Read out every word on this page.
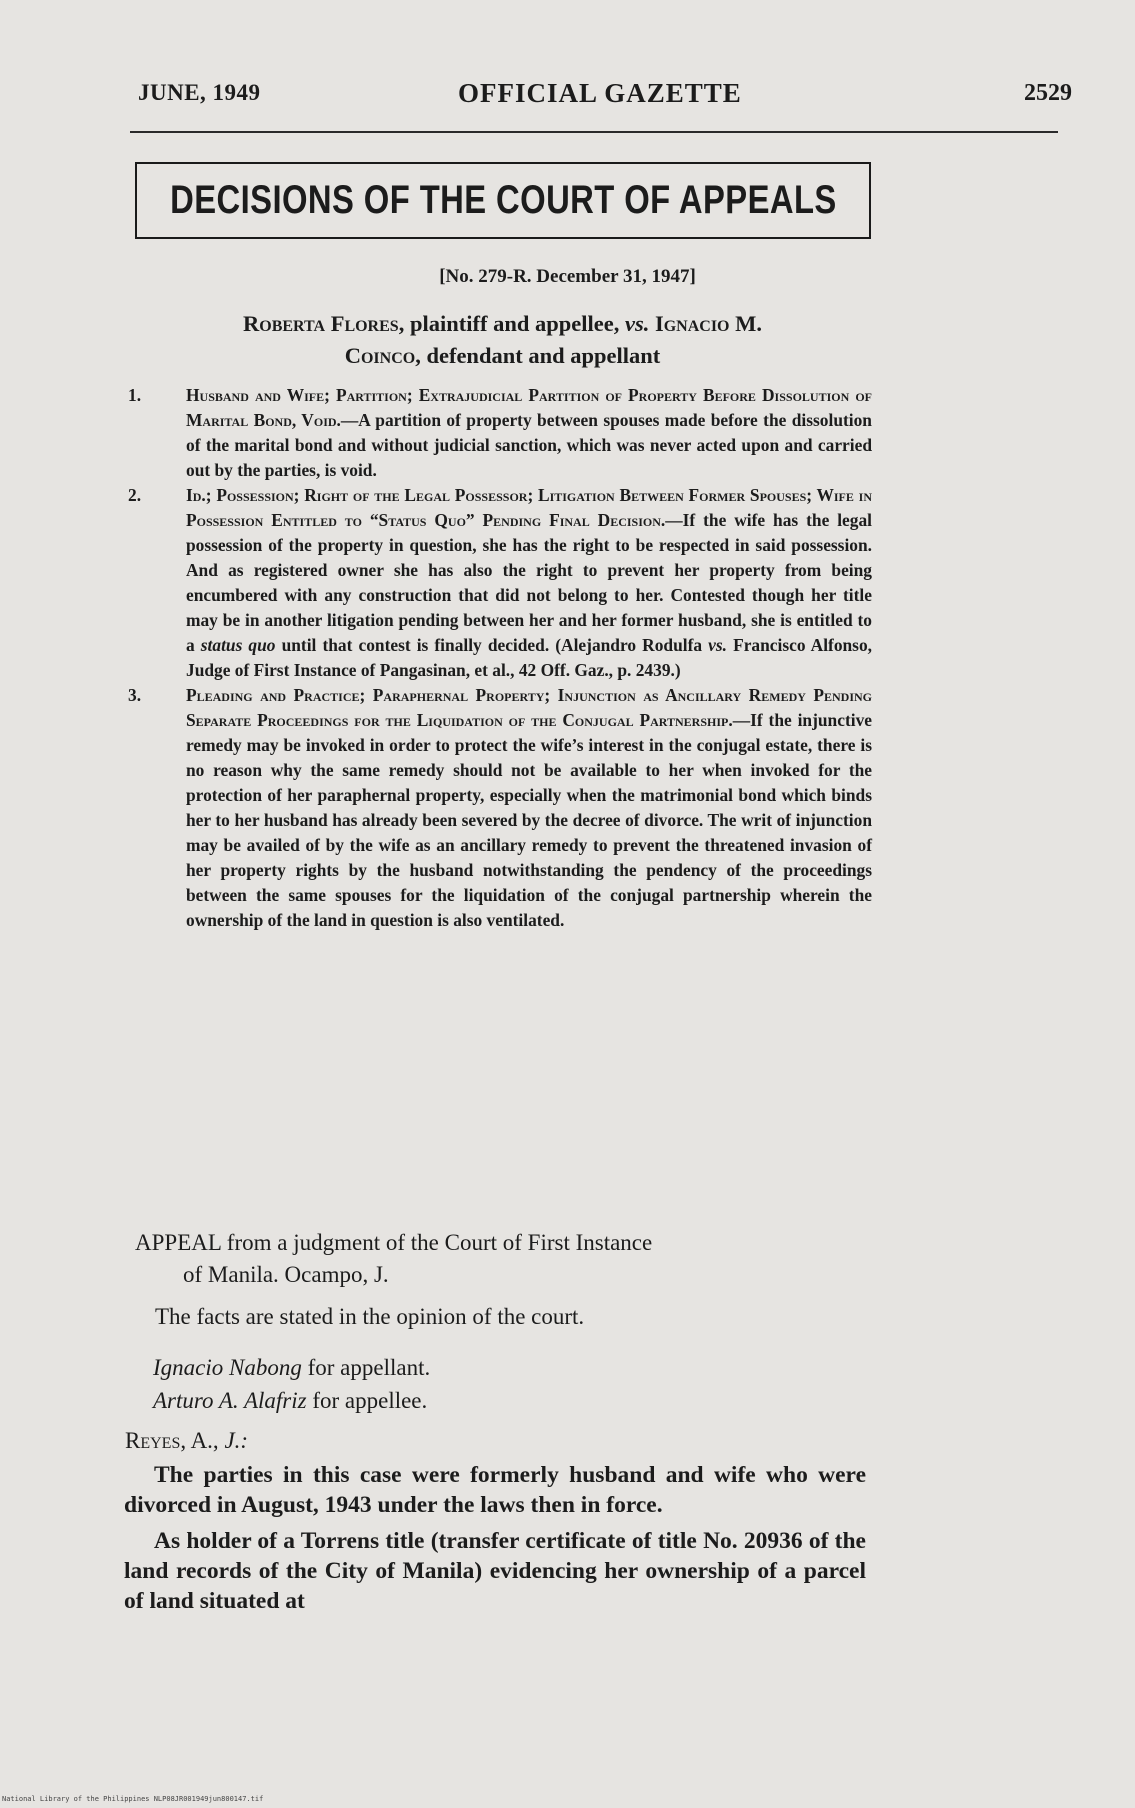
JUNE, 1949	OFFICIAL GAZETTE	2529
DECISIONS OF THE COURT OF APPEALS
[No. 279-R. December 31, 1947]
Roberta Flores, plaintiff and appellee, vs. Ignacio M.
Coinco, defendant and appellant
1.	Husband and Wife; Partition; Extrajudicial Partition of Property Before Dissolution of Marital Bond, Void.—A partition of property between spouses made before the dissolution of the marital bond and without judicial sanction, which was never acted upon and carried out by the parties, is void.
2.	Id.; Possession; Right of the Legal Possessor; Litigation Between Former Spouses; Wife in Possession Entitled to “Status Quo” Pending Final Decision.—If the wife has the legal possession of the property in question, she has the right to be respected in said possession. And as registered owner she has also the right to prevent her property from being encumbered with any construction that did not belong to her. Contested though her title may be in another litigation pending between her and her former husband, she is entitled to a status quo until that contest is finally decided. (Alejandro Rodulfa vs. Francisco Alfonso, Judge of First Instance of Pangasinan, et al., 42 Off. Gaz., p. 2439.)
3.	Pleading and Practice; Paraphernal Property; Injunction as Ancillary Remedy Pending Separate Proceedings for the Liquidation of the Conjugal Partnership.—If the injunctive remedy may be invoked in order to protect the wife’s interest in the conjugal estate, there is no reason why the same remedy should not be available to her when invoked for the protection of her paraphernal property, especially when the matrimonial bond which binds her to her husband has already been severed by the decree of divorce. The writ of injunction may be availed of by the wife as an ancillary remedy to prevent the threatened invasion of her property rights by the husband notwithstanding the pendency of the proceedings between the same spouses for the liquidation of the conjugal partnership wherein the ownership of the land in question is also ventilated.
APPEAL from a judgment of the Court of First Instance
of Manila. Ocampo, J.
The facts are stated in the opinion of the court.
Ignacio Nabong for appellant.
Arturo A. Alafriz for appellee.
Reyes, A., J.:

The parties in this case were formerly husband and wife who were divorced in August, 1943 under the laws then in force.

As holder of a Torrens title (transfer certificate of title No. 20936 of the land records of the City of Manila) evidencing her ownership of a parcel of land situated at

National Library of the Philippines NLP08JR001949jun800147.tif
